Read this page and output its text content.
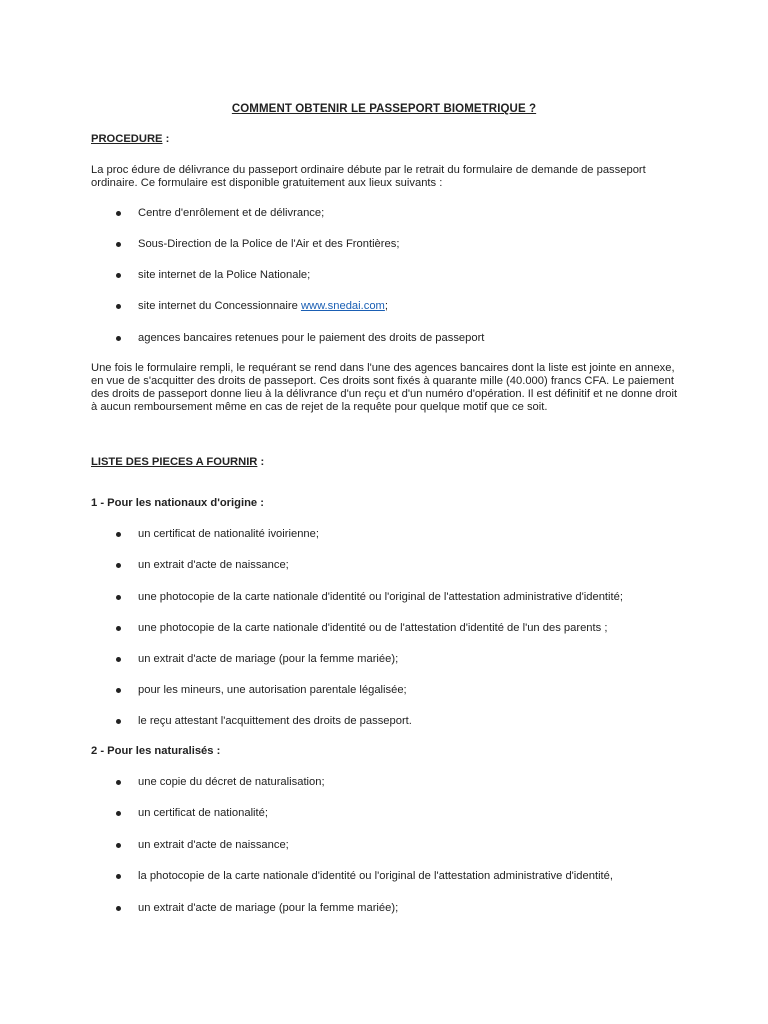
COMMENT OBTENIR LE PASSEPORT BIOMETRIQUE ?
PROCEDURE :
La proc édure de délivrance du passeport ordinaire débute par le retrait du formulaire de demande de passeport ordinaire. Ce formulaire est disponible gratuitement aux lieux suivants :
Centre d'enrôlement et de délivrance;
Sous-Direction de la Police de l'Air et des Frontières;
site internet de la Police Nationale;
site internet du Concessionnaire www.snedai.com;
agences bancaires retenues pour le paiement des droits de passeport
Une fois le formulaire rempli, le requérant se rend dans l'une des agences bancaires dont la liste est jointe en annexe, en vue de s'acquitter des droits de passeport. Ces droits sont fixés à quarante mille (40.000) francs CFA. Le paiement des droits de passeport donne lieu à la délivrance d'un reçu et d'un numéro d'opération. Il est définitif et ne donne droit à aucun remboursement même en cas de rejet de la requête pour quelque motif que ce soit.
LISTE DES PIECES A FOURNIR :
1 - Pour les nationaux d'origine :
un certificat de nationalité ivoirienne;
un extrait d'acte de naissance;
une photocopie de la carte nationale d'identité ou l'original de l'attestation administrative d'identité;
une photocopie de la carte nationale d'identité ou de l'attestation d'identité de l'un des parents ;
un extrait d'acte de mariage (pour la femme mariée);
pour les mineurs, une autorisation parentale légalisée;
le reçu attestant l'acquittement des droits de passeport.
2 - Pour les naturalisés :
une copie du décret de naturalisation;
un certificat de nationalité;
un extrait d'acte de naissance;
la photocopie de la carte nationale d'identité ou l'original de l'attestation administrative d'identité,
un extrait d'acte de mariage (pour la femme mariée);
